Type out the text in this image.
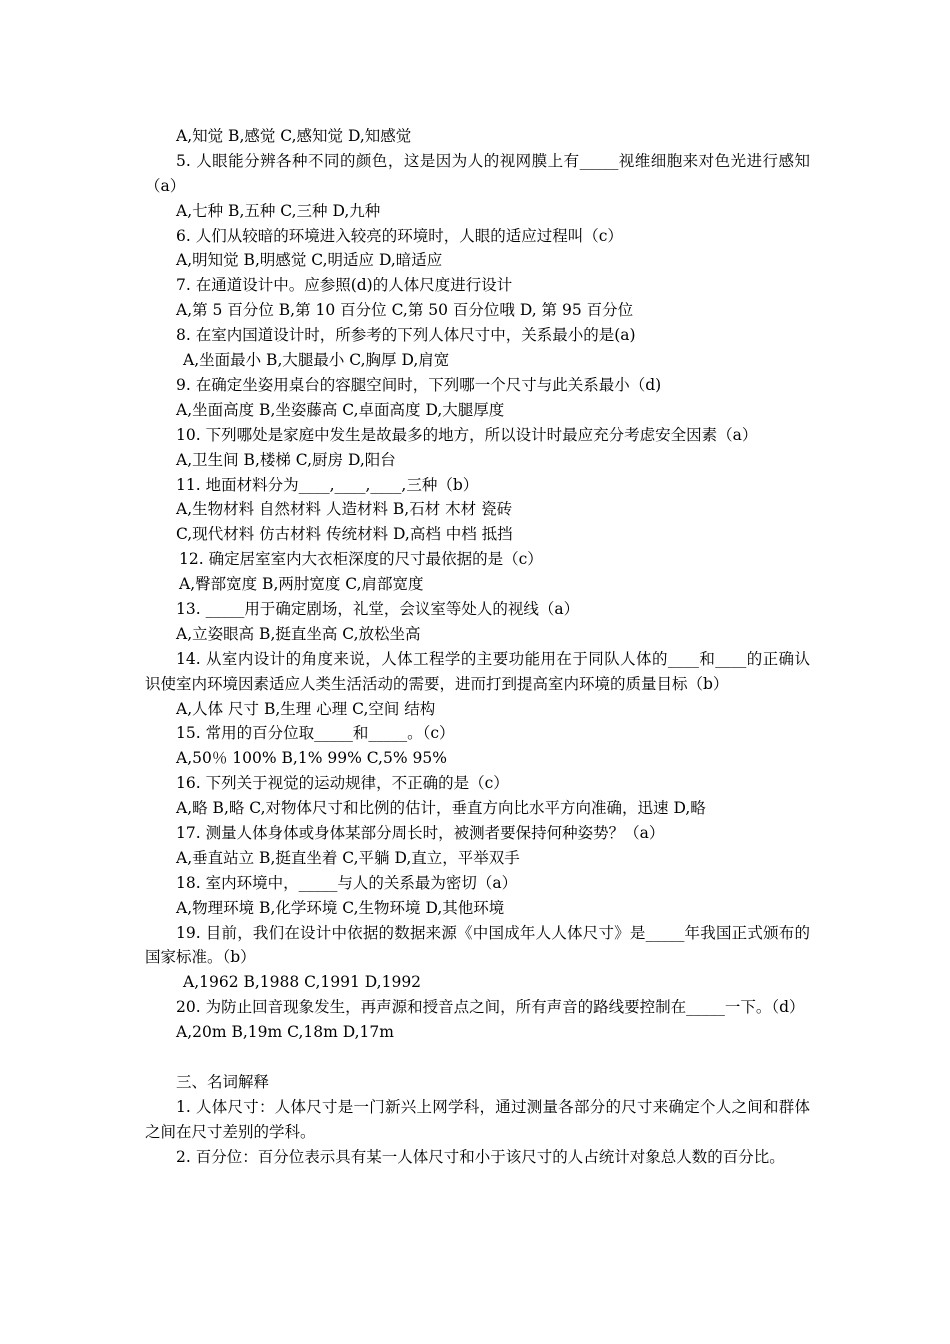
A,知觉 B,感觉 C,感知觉 D,知感觉
5. 人眼能分辨各种不同的颜色，这是因为人的视网膜上有_____视维细胞来对色光进行感知（a）
A,七种 B,五种 C,三种 D,九种
6. 人们从较暗的环境进入较亮的环境时，人眼的适应过程叫（c）
A,明知觉 B,明感觉 C,明适应 D,暗适应
7. 在通道设计中。应参照(d)的人体尺度进行设计
A,第 5 百分位 B,第 10 百分位 C,第 50 百分位哦 D, 第 95 百分位
8. 在室内国道设计时，所参考的下列人体尺寸中，关系最小的是(a)
A,坐面最小 B,大腿最小 C,胸厚 D,肩宽
9. 在确定坐姿用桌台的容腿空间时，下列哪一个尺寸与此关系最小（d)
A,坐面高度 B,坐姿藤高 C,卓面高度 D,大腿厚度
10. 下列哪处是家庭中发生是故最多的地方，所以设计时最应充分考虑安全因素（a）
A,卫生间 B,楼梯 C,厨房 D,阳台
11. 地面材料分为____,____,____,三种（b）
A,生物材料 自然材料 人造材料 B,石材 木材 瓷砖
C,现代材料 仿古材料 传统材料 D,高档 中档 抵挡
12. 确定居室室内大衣柜深度的尺寸最依据的是（c）
A,臀部宽度 B,两肘宽度 C,肩部宽度
13. _____用于确定剧场，礼堂，会议室等处人的视线（a）
A,立姿眼高 B,挺直坐高 C,放松坐高
14. 从室内设计的角度来说，人体工程学的主要功能用在于同队人体的____和____的正确认识使室内环境因素适应人类生活活动的需要，进而打到提高室内环境的质量目标（b）
A,人体 尺寸 B,生理 心理 C,空间 结构
15. 常用的百分位取_____和_____。（c）
A,50％ 100% B,1% 99% C,5% 95%
16. 下列关于视觉的运动规律，不正确的是（c）
A,略 B,略 C,对物体尺寸和比例的估计，垂直方向比水平方向准确，迅速 D,略
17. 测量人体身体或身体某部分周长时，被测者要保持何种姿势？（a）
A,垂直站立 B,挺直坐着 C,平躺 D,直立，平举双手
18. 室内环境中，_____与人的关系最为密切（a）
A,物理环境 B,化学环境 C,生物环境 D,其他环境
19. 目前，我们在设计中依据的数据来源《中国成年人人体尺寸》是_____年我国正式颁布的国家标准。（b）
A,1962 B,1988 C,1991 D,1992
20. 为防止回音现象发生，再声源和授音点之间，所有声音的路线要控制在_____一下。（d）
A,20m B,19m C,18m D,17m
三、名词解释
1. 人体尺寸：人体尺寸是一门新兴上网学科，通过测量各部分的尺寸来确定个人之间和群体之间在尺寸差别的学科。
2. 百分位：百分位表示具有某一人体尺寸和小于该尺寸的人占统计对象总人数的百分比。
